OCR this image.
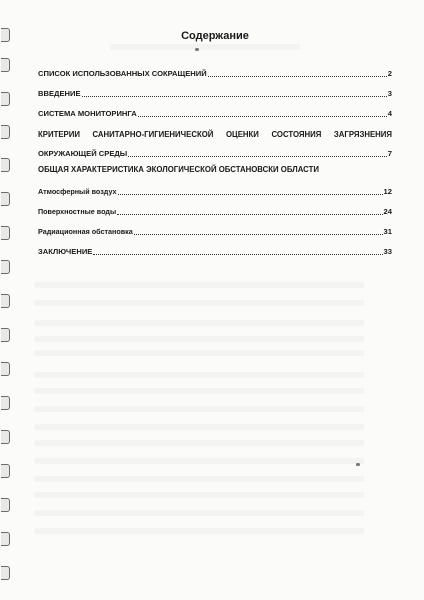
Содержание
СПИСОК ИСПОЛЬЗОВАННЫХ СОКРАЩЕНИЙ	2
ВВЕДЕНИЕ	3
СИСТЕМА МОНИТОРИНГА	4
КРИТЕРИИ САНИТАРНО-ГИГИЕНИЧЕСКОЙ ОЦЕНКИ СОСТОЯНИЯ ЗАГРЯЗНЕНИЯ
ОКРУЖАЮЩЕЙ СРЕДЫ	7
ОБЩАЯ ХАРАКТЕРИСТИКА ЭКОЛОГИЧЕСКОЙ ОБСТАНОВСКИ ОБЛАСТИ
Атмосферный воздух	12
Поверхностные воды	24
Радиационная обстановка	31
ЗАКЛЮЧЕНИЕ	33
